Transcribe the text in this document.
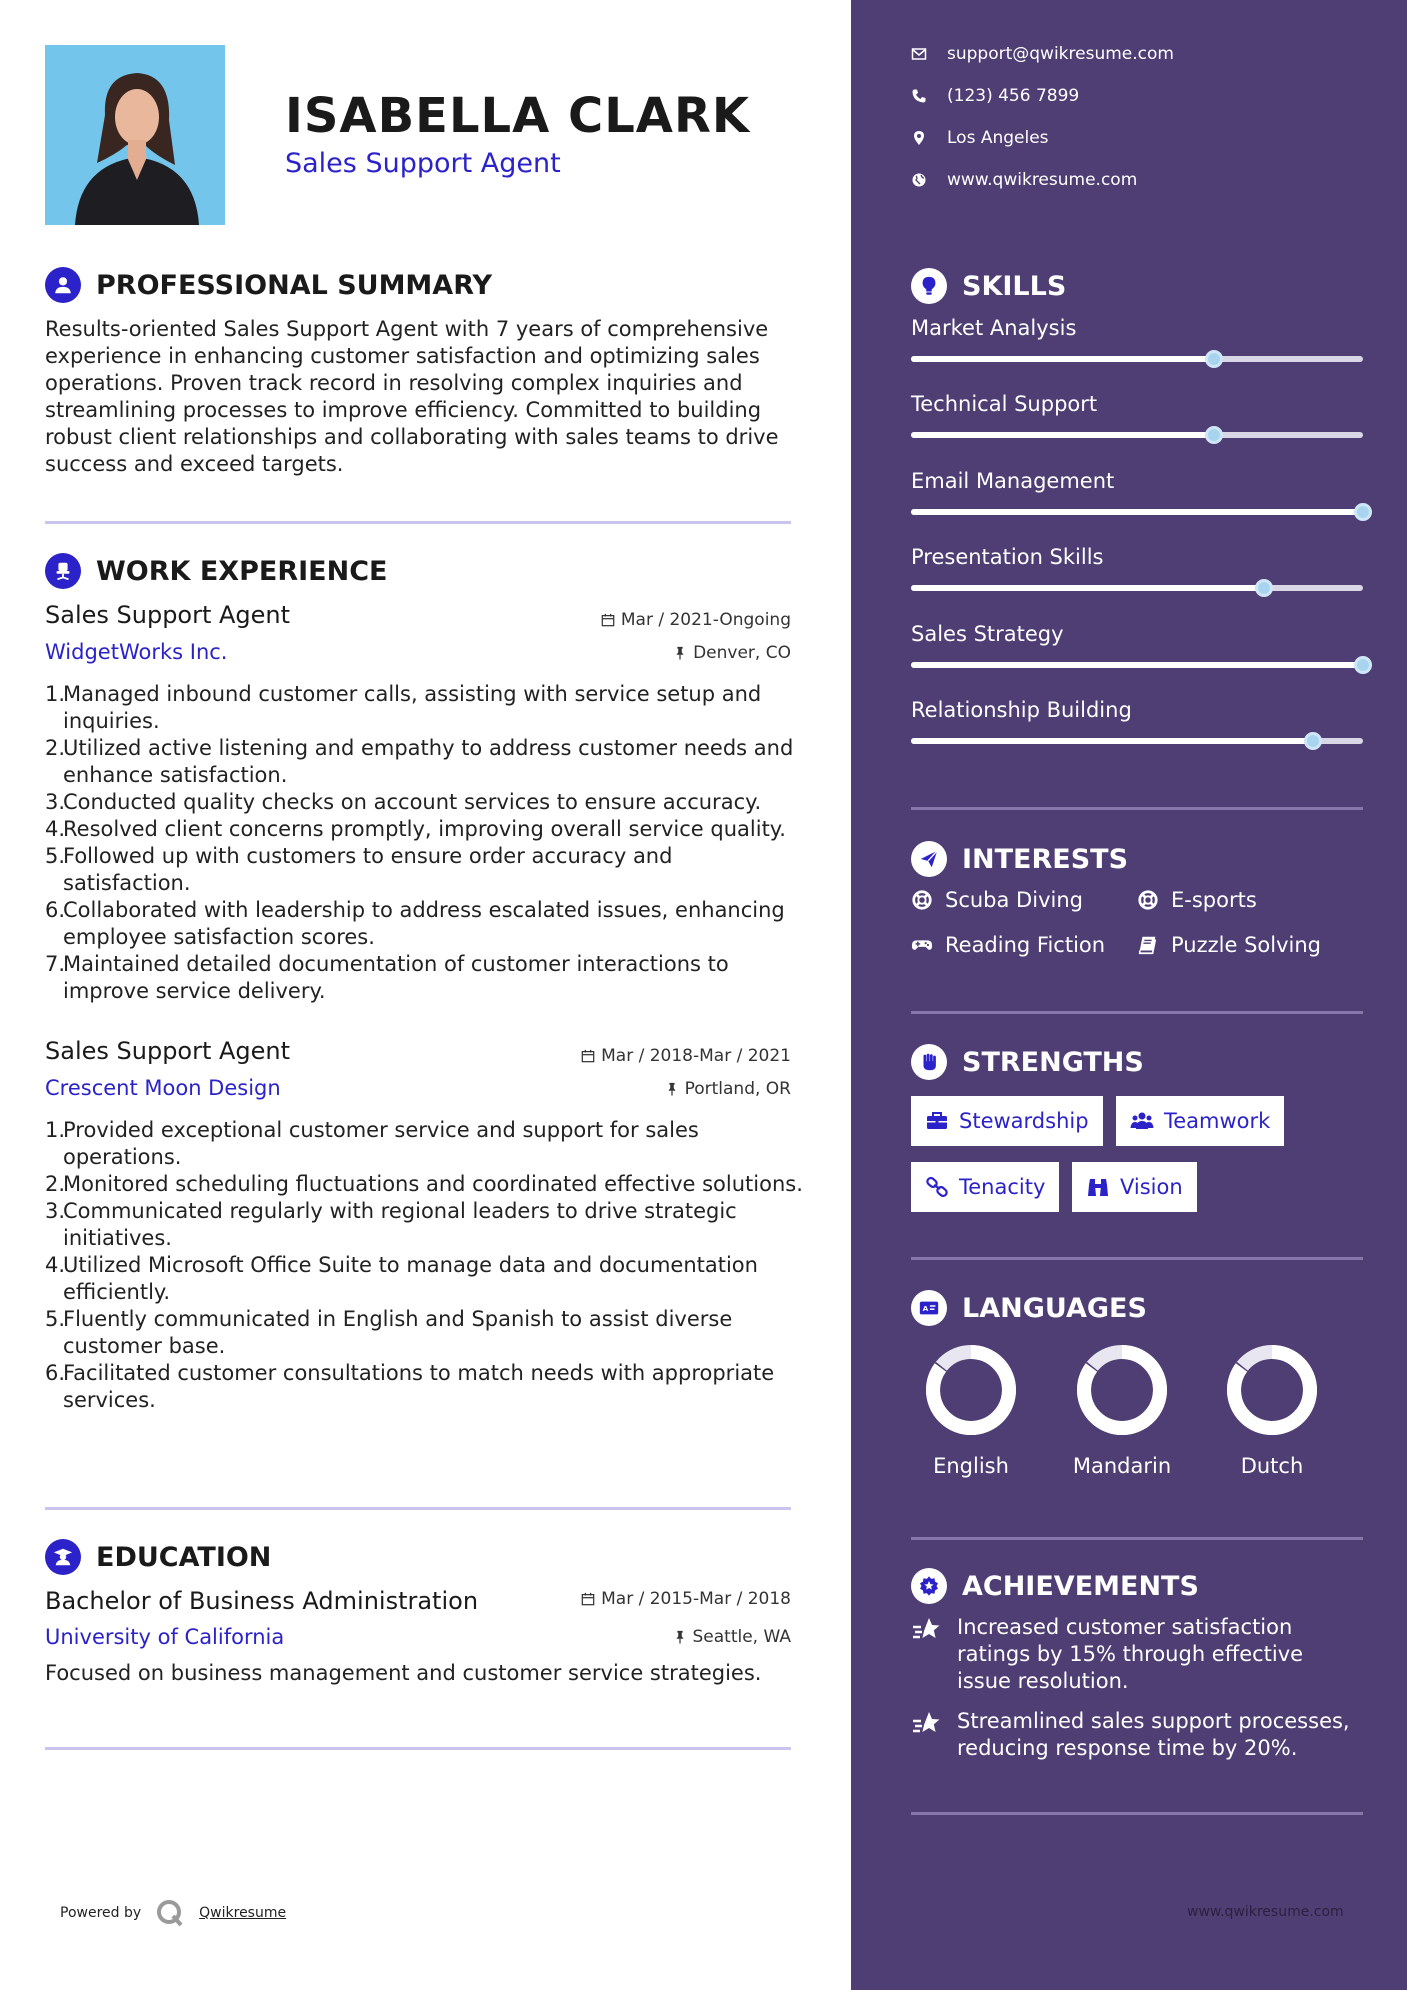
ISABELLA CLARK
Sales Support Agent
PROFESSIONAL SUMMARY
Results-oriented Sales Support Agent with 7 years of comprehensive experience in enhancing customer satisfaction and optimizing sales operations. Proven track record in resolving complex inquiries and streamlining processes to improve efficiency. Committed to building robust client relationships and collaborating with sales teams to drive success and exceed targets.
WORK EXPERIENCE
Sales Support Agent	Mar / 2021-Ongoing
WidgetWorks Inc.	Denver, CO
1.
Managed inbound customer calls, assisting with service setup and inquiries.
2.
Utilized active listening and empathy to address customer needs and enhance satisfaction.
3.
Conducted quality checks on account services to ensure accuracy.
4.
Resolved client concerns promptly, improving overall service quality.
5.
Followed up with customers to ensure order accuracy and satisfaction.
6.
Collaborated with leadership to address escalated issues, enhancing employee satisfaction scores.
7.
Maintained detailed documentation of customer interactions to improve service delivery.
Sales Support Agent	Mar / 2018-Mar / 2021
Crescent Moon Design	Portland, OR
1.
Provided exceptional customer service and support for sales operations.
2.
Monitored scheduling fluctuations and coordinated effective solutions.
3.
Communicated regularly with regional leaders to drive strategic initiatives.
4.
Utilized Microsoft Office Suite to manage data and documentation efficiently.
5.
Fluently communicated in English and Spanish to assist diverse customer base.
6.
Facilitated customer consultations to match needs with appropriate services.
EDUCATION
Bachelor of Business Administration	Mar / 2015-Mar / 2018
University of California	Seattle, WA
Focused on business management and customer service strategies.
Powered by	Qwikresume
support@qwikresume.com
(123) 456 7899
Los Angeles
www.qwikresume.com
SKILLS
INTERESTS
Scuba Diving	E-sports
Reading Fiction	Puzzle Solving
STRENGTHS
Stewardship	Teamwork
Tenacity	Vision
A LANGUAGES
ACHIEVEMENTS
Increased customer satisfaction ratings by 15% through effective issue resolution.
Streamlined sales support processes, reducing response time by 20%.
www.qwikresume.com
Market Analysis
Technical Support
Email Management
Presentation Skills
Sales Strategy
Relationship Building
English	Mandarin	Dutch
